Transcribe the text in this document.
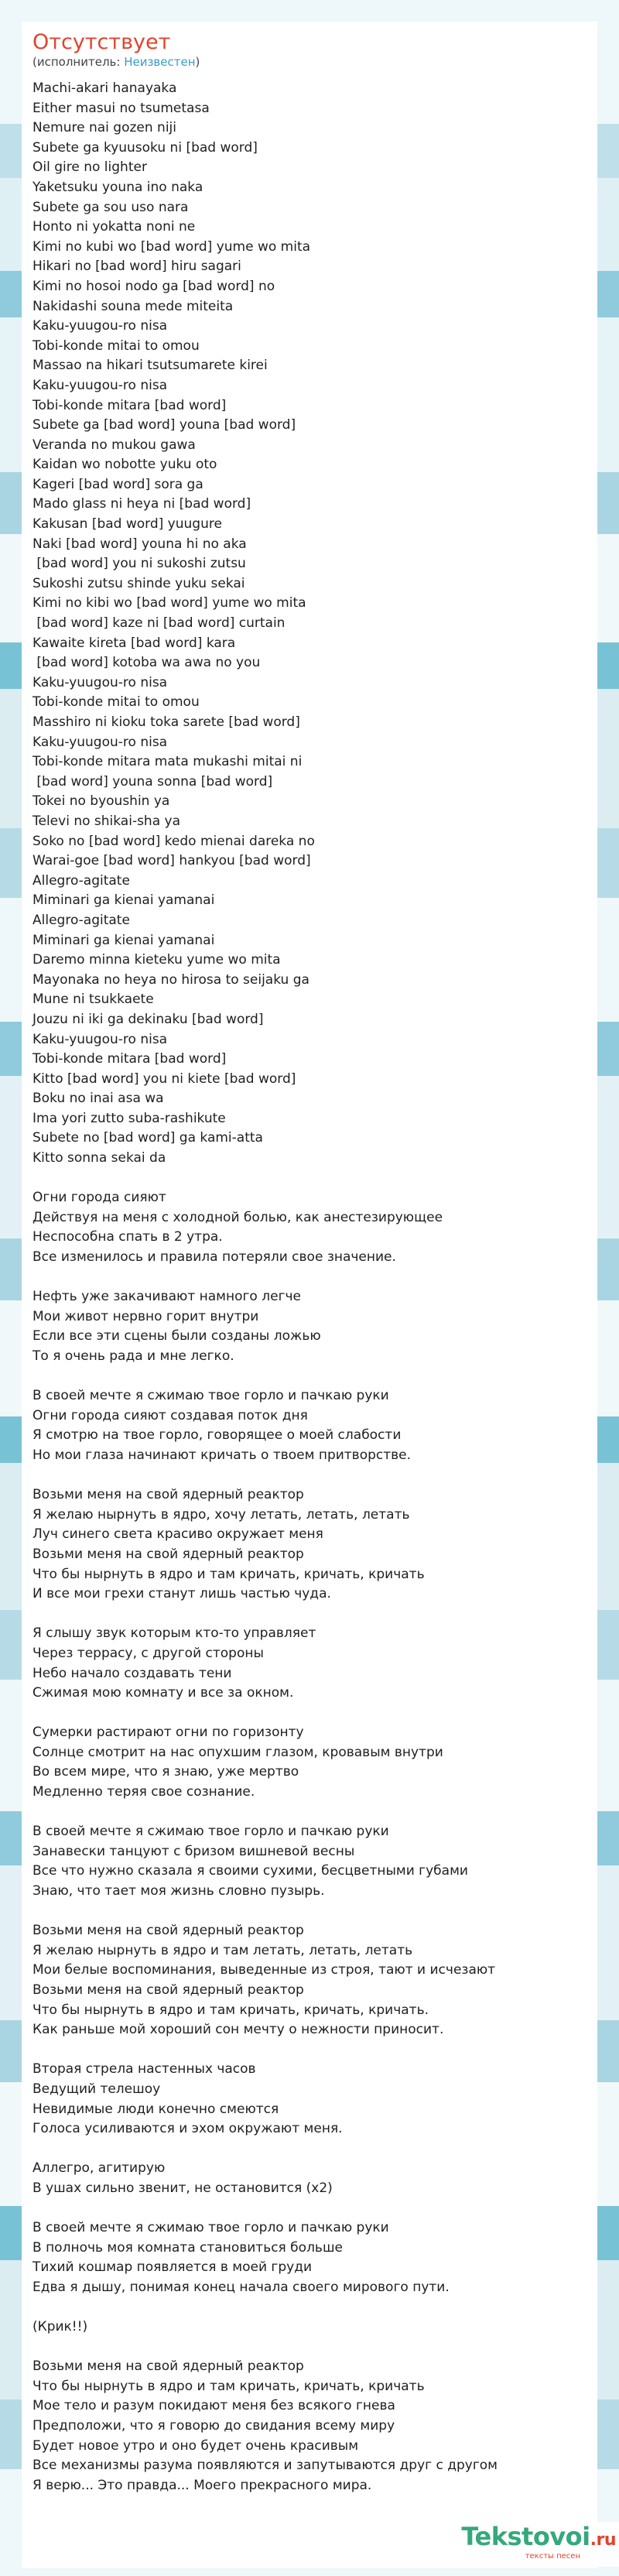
Отсутствует
(исполнитель: Неизвестен)
Machi-akari hanayaka
Either masui no tsumetasa
Nemure nai gozen niji
Subete ga kyuusoku ni [bad word]
Oil gire no lighter
Yaketsuku youna ino naka
Subete ga sou uso nara
Honto ni yokatta noni ne
Kimi no kubi wo [bad word] yume wo mita
Hikari no [bad word] hiru sagari
Kimi no hosoi nodo ga [bad word] no
Nakidashi souna mede miteita
Kaku-yuugou-ro nisa
Tobi-konde mitai to omou
Massao na hikari tsutsumarete kirei
Kaku-yuugou-ro nisa
Tobi-konde mitara [bad word]
Subete ga [bad word] youna [bad word]
Veranda no mukou gawa
Kaidan wo nobotte yuku oto
Kageri [bad word] sora ga
Mado glass ni heya ni [bad word]
Kakusan [bad word] yuugure
Naki [bad word] youna hi no aka
[bad word] you ni sukoshi zutsu
Sukoshi zutsu shinde yuku sekai
Kimi no kibi wo [bad word] yume wo mita
[bad word] kaze ni [bad word] curtain
Kawaite kireta [bad word] kara
[bad word] kotoba wa awa no you
Kaku-yuugou-ro nisa
Tobi-konde mitai to omou
Masshiro ni kioku toka sarete [bad word]
Kaku-yuugou-ro nisa
Tobi-konde mitara mata mukashi mitai ni
[bad word] youna sonna [bad word]
Tokei no byoushin ya
Televi no shikai-sha ya
Soko no [bad word] kedo mienai dareka no
Warai-goe [bad word] hankyou [bad word]
Allegro-agitate
Miminari ga kienai yamanai
Allegro-agitate
Miminari ga kienai yamanai
Daremo minna kieteku yume wo mita
Mayonaka no heya no hirosa to seijaku ga
Mune ni tsukkaete
Jouzu ni iki ga dekinaku [bad word]
Kaku-yuugou-ro nisa
Tobi-konde mitara [bad word]
Kitto [bad word] you ni kiete [bad word]
Boku no inai asa wa
Ima yori zutto suba-rashikute
Subete no [bad word] ga kami-atta
Kitto sonna sekai da
Огни города сияют
Действуя на меня с холодной болью, как анестезирующее
Неспособна спать в 2 утра.
Все изменилось и правила потеряли свое значение.
Нефть уже закачивают намного легче
Мои живот нервно горит внутри
Если все эти сцены были созданы ложью
То я очень рада и мне легко.
В своей мечте я сжимаю твое горло и пачкаю руки
Огни города сияют создавая поток дня
Я смотрю на твое горло, говорящее о моей слабости
Но мои глаза начинают кричать о твоем притворстве.
Возьми меня на свой ядерный реактор
Я желаю нырнуть в ядро, хочу летать, летать, летать
Луч синего света красиво окружает меня
Возьми меня на свой ядерный реактор
Что бы нырнуть в ядро и там кричать, кричать, кричать
И все мои грехи станут лишь частью чуда.
Я слышу звук которым кто-то управляет
Через террасу, с другой стороны
Небо начало создавать тени
Сжимая мою комнату и все за окном.
Сумерки растирают огни по горизонту
Солнце смотрит на нас опухшим глазом, кровавым внутри
Во всем мире, что я знаю, уже мертво
Медленно теряя свое сознание.
В своей мечте я сжимаю твое горло и пачкаю руки
Занавески танцуют с бризом вишневой весны
Все что нужно сказала я своими сухими, бесцветными губами
Знаю, что тает моя жизнь словно пузырь.
Возьми меня на свой ядерный реактор
Я желаю нырнуть в ядро и там летать, летать, летать
Мои белые воспоминания, выведенные из строя, тают и исчезают
Возьми меня на свой ядерный реактор
Что бы нырнуть в ядро и там кричать, кричать, кричать.
Как раньше мой хороший сон мечту о нежности приносит.
Вторая стрела настенных часов
Ведущий телешоу
Невидимые люди конечно смеются
Голоса усиливаются и эхом окружают меня.
Аллегро, агитирую
В ушах сильно звенит, не остановится (x2)
В своей мечте я сжимаю твое горло и пачкаю руки
В полночь моя комната становиться больше
Тихий кошмар появляется в моей груди
Едва я дышу, понимая конец начала своего мирового пути.
(Крик!!)
Возьми меня на свой ядерный реактор
Что бы нырнуть в ядро и там кричать, кричать, кричать
Мое тело и разум покидают меня без всякого гнева
Предположи, что я говорю до свидания всему миру
Будет новое утро и оно будет очень красивым
Все механизмы разума появляются и запутываются друг с другом
Я верю... Это правда... Моего прекрасного мира.
Tekstovoi.ru
тексты песен
